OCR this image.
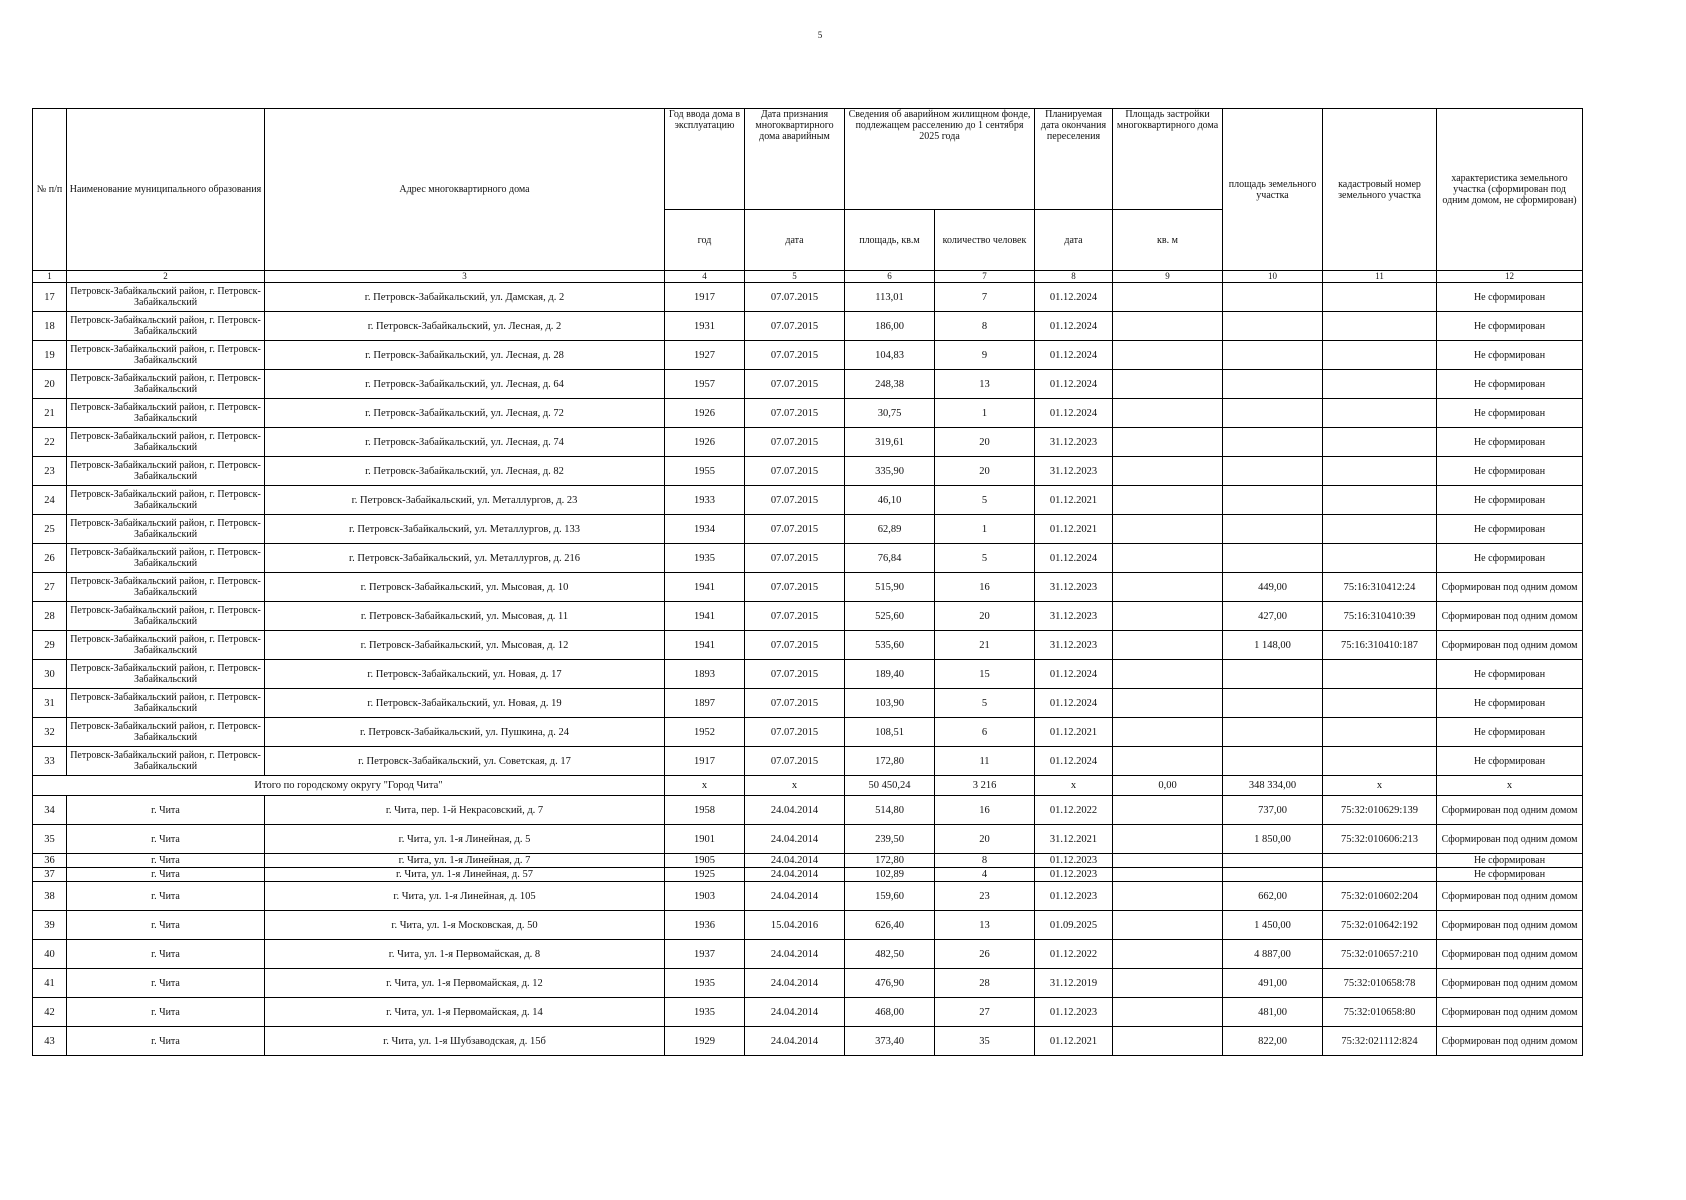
5
№ п/п	Наименование муниципального образования	Адрес многоквартирного дома	Год ввода дома в эксплуатацию	Дата признания многоквартирного дома аварийным	Сведения об аварийном жилищном фонде, подлежащем расселению до 1 сентября 2025 года		Планируемая дата окончания переселения	Площадь застройки многоквартирного дома	площадь земельного участка	кадастровый номер земельного участка	характеристика земельного участка (сформирован под одним домом, не сформирован)
			год	дата	площадь, кв.м	количество человек	дата	кв. м			
1	2	3	4	5	6	7	8	9	10	11	12
17	Петровск-Забайкальский район, г. Петровск-Забайкальский	г. Петровск-Забайкальский, ул. Дамская, д. 2	1917	07.07.2015	113,01	7	01.12.2024				Не сформирован
18	Петровск-Забайкальский район, г. Петровск-Забайкальский	г. Петровск-Забайкальский, ул. Лесная, д. 2	1931	07.07.2015	186,00	8	01.12.2024				Не сформирован
19	Петровск-Забайкальский район, г. Петровск-Забайкальский	г. Петровск-Забайкальский, ул. Лесная, д. 28	1927	07.07.2015	104,83	9	01.12.2024				Не сформирован
20	Петровск-Забайкальский район, г. Петровск-Забайкальский	г. Петровск-Забайкальский, ул. Лесная, д. 64	1957	07.07.2015	248,38	13	01.12.2024				Не сформирован
21	Петровск-Забайкальский район, г. Петровск-Забайкальский	г. Петровск-Забайкальский, ул. Лесная, д. 72	1926	07.07.2015	30,75	1	01.12.2024				Не сформирован
22	Петровск-Забайкальский район, г. Петровск-Забайкальский	г. Петровск-Забайкальский, ул. Лесная, д. 74	1926	07.07.2015	319,61	20	31.12.2023				Не сформирован
23	Петровск-Забайкальский район, г. Петровск-Забайкальский	г. Петровск-Забайкальский, ул. Лесная, д. 82	1955	07.07.2015	335,90	20	31.12.2023				Не сформирован
24	Петровск-Забайкальский район, г. Петровск-Забайкальский	г. Петровск-Забайкальский, ул. Металлургов, д. 23	1933	07.07.2015	46,10	5	01.12.2021				Не сформирован
25	Петровск-Забайкальский район, г. Петровск-Забайкальский	г. Петровск-Забайкальский, ул. Металлургов, д. 133	1934	07.07.2015	62,89	1	01.12.2021				Не сформирован
26	Петровск-Забайкальский район, г. Петровск-Забайкальский	г. Петровск-Забайкальский, ул. Металлургов, д. 216	1935	07.07.2015	76,84	5	01.12.2024				Не сформирован
27	Петровск-Забайкальский район, г. Петровск-Забайкальский	г. Петровск-Забайкальский, ул. Мысовая, д. 10	1941	07.07.2015	515,90	16	31.12.2023		449,00	75:16:310412:24	Сформирован под одним домом
28	Петровск-Забайкальский район, г. Петровск-Забайкальский	г. Петровск-Забайкальский, ул. Мысовая, д. 11	1941	07.07.2015	525,60	20	31.12.2023		427,00	75:16:310410:39	Сформирован под одним домом
29	Петровск-Забайкальский район, г. Петровск-Забайкальский	г. Петровск-Забайкальский, ул. Мысовая, д. 12	1941	07.07.2015	535,60	21	31.12.2023		1 148,00	75:16:310410:187	Сформирован под одним домом
30	Петровск-Забайкальский район, г. Петровск-Забайкальский	г. Петровск-Забайкальский, ул. Новая, д. 17	1893	07.07.2015	189,40	15	01.12.2024				Не сформирован
31	Петровск-Забайкальский район, г. Петровск-Забайкальский	г. Петровск-Забайкальский, ул. Новая, д. 19	1897	07.07.2015	103,90	5	01.12.2024				Не сформирован
32	Петровск-Забайкальский район, г. Петровск-Забайкальский	г. Петровск-Забайкальский, ул. Пушкина, д. 24	1952	07.07.2015	108,51	6	01.12.2021				Не сформирован
33	Петровск-Забайкальский район, г. Петровск-Забайкальский	г. Петровск-Забайкальский, ул. Советская, д. 17	1917	07.07.2015	172,80	11	01.12.2024				Не сформирован
Итого по городскому округу "Город Чита"			х	х	50 450,24	3 216	х	0,00	348 334,00	х	х
34	г. Чита	г. Чита, пер. 1-й Некрасовский, д. 7	1958	24.04.2014	514,80	16	01.12.2022		737,00	75:32:010629:139	Сформирован под одним домом
35	г. Чита	г. Чита, ул. 1-я Линейная, д. 5	1901	24.04.2014	239,50	20	31.12.2021		1 850,00	75:32:010606:213	Сформирован под одним домом
36	г. Чита	г. Чита, ул. 1-я Линейная, д. 7	1905	24.04.2014	172,80	8	01.12.2023				Не сформирован
37	г. Чита	г. Чита, ул. 1-я Линейная, д. 57	1925	24.04.2014	102,89	4	01.12.2023				Не сформирован
38	г. Чита	г. Чита, ул. 1-я Линейная, д. 105	1903	24.04.2014	159,60	23	01.12.2023		662,00	75:32:010602:204	Сформирован под одним домом
39	г. Чита	г. Чита, ул. 1-я Московская, д. 50	1936	15.04.2016	626,40	13	01.09.2025		1 450,00	75:32:010642:192	Сформирован под одним домом
40	г. Чита	г. Чита, ул. 1-я Первомайская, д. 8	1937	24.04.2014	482,50	26	01.12.2022		4 887,00	75:32:010657:210	Сформирован под одним домом
41	г. Чита	г. Чита, ул. 1-я Первомайская, д. 12	1935	24.04.2014	476,90	28	31.12.2019		491,00	75:32:010658:78	Сформирован под одним домом
42	г. Чита	г. Чита, ул. 1-я Первомайская, д. 14	1935	24.04.2014	468,00	27	01.12.2023		481,00	75:32:010658:80	Сформирован под одним домом
43	г. Чита	г. Чита, ул. 1-я Шубзаводская, д. 15б	1929	24.04.2014	373,40	35	01.12.2021		822,00	75:32:021112:824	Сформирован под одним домом
